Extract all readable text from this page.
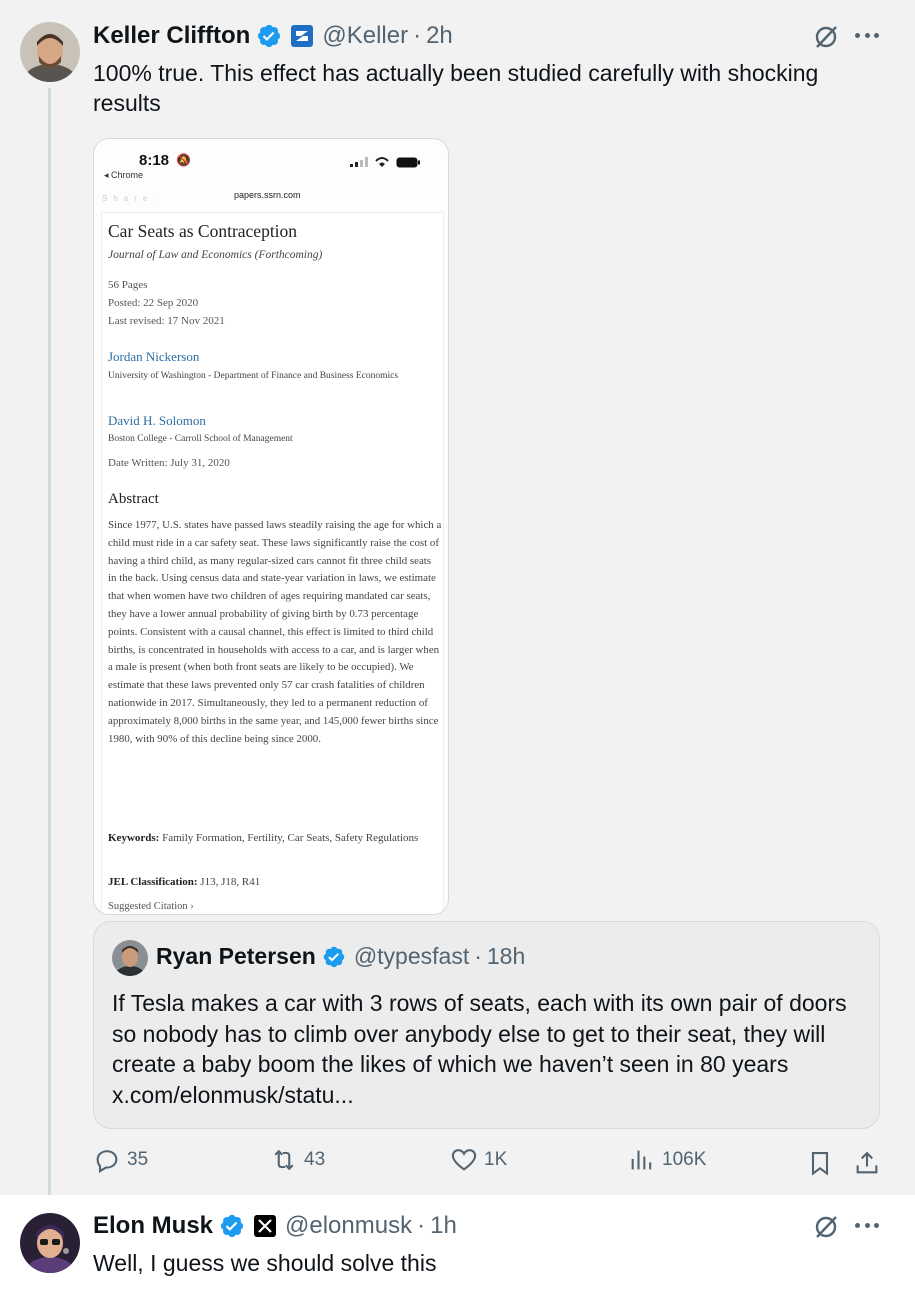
Keller Cliffton	@Keller · 2h
100% true. This effect has actually been studied carefully with shocking
results
8:18 🔕
◂ Chrome
Share:	papers.ssrn.com
Car Seats as Contraception
Journal of Law and Economics (Forthcoming)
56 Pages
Posted: 22 Sep 2020
Last revised: 17 Nov 2021
Jordan Nickerson
University of Washington - Department of Finance and Business Economics
David H. Solomon
Boston College - Carroll School of Management
Date Written: July 31, 2020
Abstract
Since 1977, U.S. states have passed laws steadily raising the age for which a child must ride in a car safety seat. These laws significantly raise the cost of having a third child, as many regular-sized cars cannot fit three child seats in the back. Using census data and state-year variation in laws, we estimate that when women have two children of ages requiring mandated car seats, they have a lower annual probability of giving birth by 0.73 percentage points. Consistent with a causal channel, this effect is limited to third child births, is concentrated in households with access to a car, and is larger when a male is present (when both front seats are likely to be occupied). We estimate that these laws prevented only 57 car crash fatalities of children nationwide in 2017. Simultaneously, they led to a permanent reduction of approximately 8,000 births in the same year, and 145,000 fewer births since 1980, with 90% of this decline being since 2000.
Keywords: Family Formation, Fertility, Car Seats, Safety Regulations
JEL Classification: J13, J18, R41
Suggested Citation ›
Ryan Petersen @typesfast · 18h
If Tesla makes a car with 3 rows of seats, each with its own pair of doors so nobody has to climb over anybody else to get to their seat, they will create a baby boom the likes of which we haven’t seen in 80 years x.com/elonmusk/statu...
35	43	1K	106K
Elon Musk	@elonmusk · 1h
Well, I guess we should solve this
